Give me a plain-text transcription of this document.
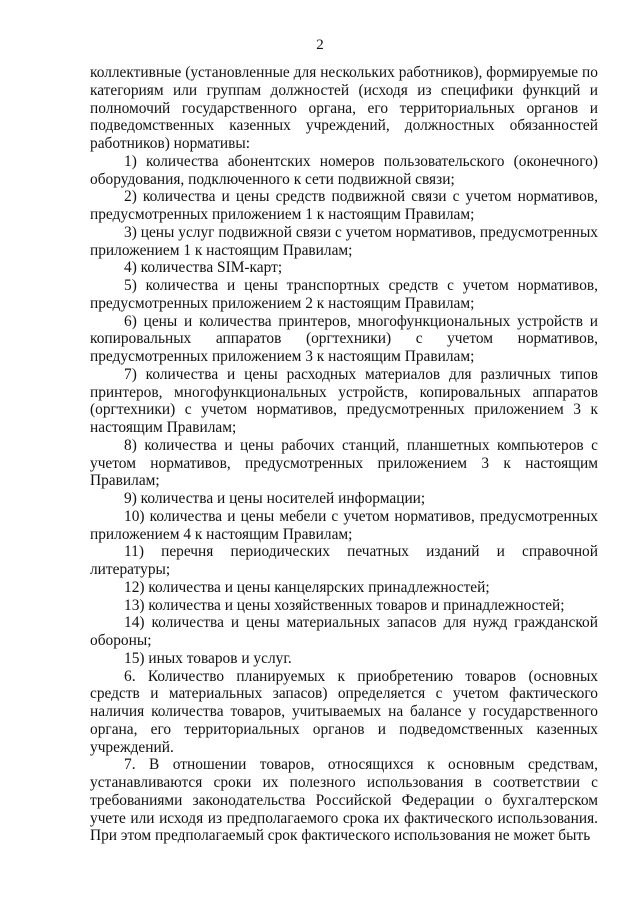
2

коллективные (установленные для нескольких работников), формируемые по категориям или группам должностей (исходя из специфики функций и полномочий государственного органа, его территориальных органов и подведомственных казенных учреждений, должностных обязанностей работников) нормативы:

1) количества абонентских номеров пользовательского (оконечного) оборудования, подключенного к сети подвижной связи;

2) количества и цены средств подвижной связи с учетом нормативов, предусмотренных приложением 1 к настоящим Правилам;

3) цены услуг подвижной связи с учетом нормативов, предусмотренных приложением 1 к настоящим Правилам;

4) количества SIM-карт;

5) количества и цены транспортных средств с учетом нормативов, предусмотренных приложением 2 к настоящим Правилам;

6) цены и количества принтеров, многофункциональных устройств и копировальных аппаратов (оргтехники) с учетом нормативов, предусмотренных приложением 3 к настоящим Правилам;

7) количества и цены расходных материалов для различных типов принтеров, многофункциональных устройств, копировальных аппаратов (оргтехники) с учетом нормативов, предусмотренных приложением 3 к настоящим Правилам;

8) количества и цены рабочих станций, планшетных компьютеров с учетом нормативов, предусмотренных приложением 3 к настоящим Правилам;

9) количества и цены носителей информации;

10) количества и цены мебели с учетом нормативов, предусмотренных приложением 4 к настоящим Правилам;

11) перечня периодических печатных изданий и справочной литературы;

12) количества и цены канцелярских принадлежностей;

13) количества и цены хозяйственных товаров и принадлежностей;

14) количества и цены материальных запасов для нужд гражданской обороны;

15) иных товаров и услуг.

6. Количество планируемых к приобретению товаров (основных средств и материальных запасов) определяется с учетом фактического наличия количества товаров, учитываемых на балансе у государственного органа, его территориальных органов и подведомственных казенных учреждений.

7. В отношении товаров, относящихся к основным средствам, устанавливаются сроки их полезного использования в соответствии с требованиями законодательства Российской Федерации о бухгалтерском учете или исходя из предполагаемого срока их фактического использования. При этом предполагаемый срок фактического использования не может быть
